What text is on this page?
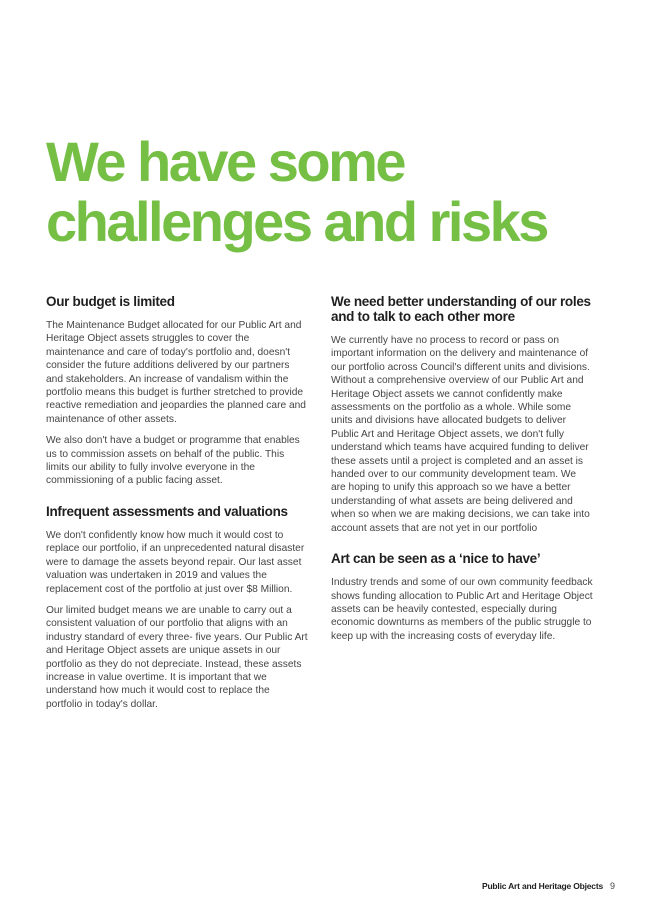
We have some
challenges and risks
Our budget is limited

The Maintenance Budget allocated for our Public Art and Heritage Object assets struggles to cover the maintenance and care of today's portfolio and, doesn't consider the future additions delivered by our partners and stakeholders. An increase of vandalism within the portfolio means this budget is further stretched to provide reactive remediation and jeopardies the planned care and maintenance of other assets.

We also don't have a budget or programme that enables us to commission assets on behalf of the public. This limits our ability to fully involve everyone in the commissioning of a public facing asset.

Infrequent assessments and valuations

We don't confidently know how much it would cost to replace our portfolio, if an unprecedented natural disaster were to damage the assets beyond repair. Our last asset valuation was undertaken in 2019 and values the replacement cost of the portfolio at just over $8 Million.

Our limited budget means we are unable to carry out a consistent valuation of our portfolio that aligns with an industry standard of every three- five years. Our Public Art and Heritage Object assets are unique assets in our portfolio as they do not depreciate. Instead, these assets increase in value overtime. It is important that we understand how much it would cost to replace the portfolio in today's dollar.

We need better understanding of our roles and to talk to each other more

We currently have no process to record or pass on important information on the delivery and maintenance of our portfolio across Council's different units and divisions. Without a comprehensive overview of our Public Art and Heritage Object assets we cannot confidently make assessments on the portfolio as a whole. While some units and divisions have allocated budgets to deliver Public Art and Heritage Object assets, we don't fully understand which teams have acquired funding to deliver these assets until a project is completed and an asset is handed over to our community development team. We are hoping to unify this approach so we have a better understanding of what assets are being delivered and when so when we are making decisions, we can take into account assets that are not yet in our portfolio

Art can be seen as a ‘nice to have’

Industry trends and some of our own community feedback shows funding allocation to Public Art and Heritage Object assets can be heavily contested, especially during economic downturns as members of the public struggle to keep up with the increasing costs of everyday life.

Public Art and Heritage Objects 9
